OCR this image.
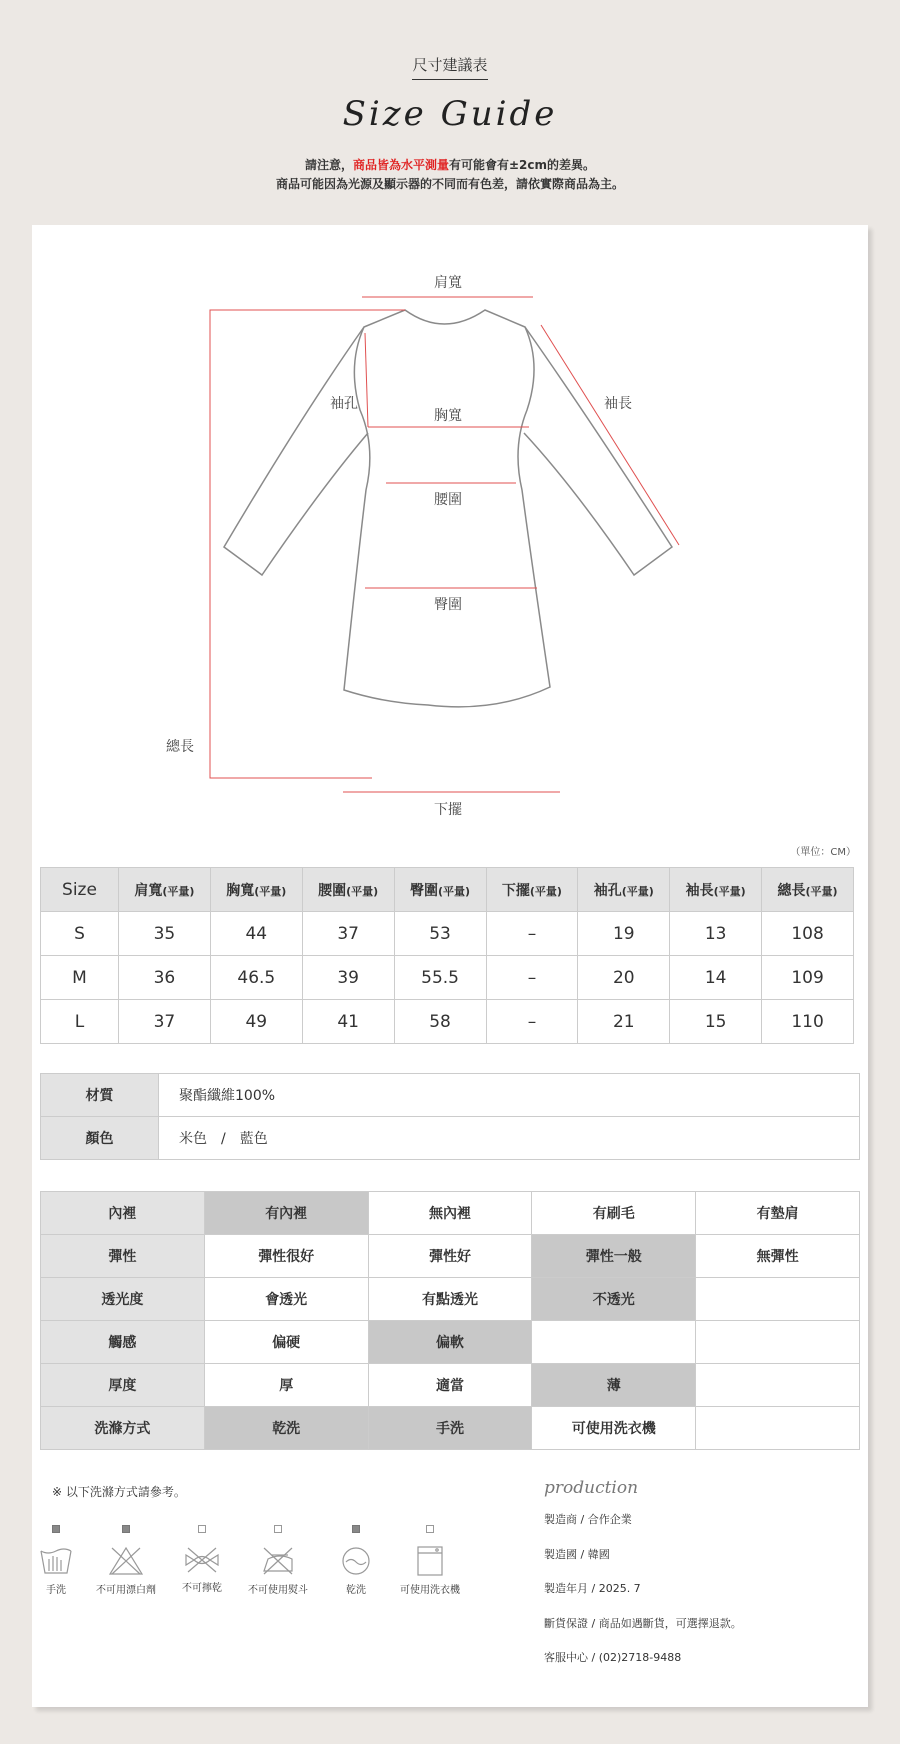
尺寸建議表
Size Guide
請注意，商品皆為水平測量有可能會有±2cm的差異。
商品可能因為光源及顯示器的不同而有色差，請依實際商品為主。
肩寬
袖孔
胸寬
袖長
腰圍
臀圍
總長
下擺
（單位：CM）
Size	肩寬(平量)	胸寬(平量)	腰圍(平量)	臀圍(平量)	下擺(平量)	袖孔(平量)	袖長(平量)	總長(平量)
S	35	44	37	53	–	19	13	108
M	36	46.5	39	55.5	–	20	14	109
L	37	49	41	58	–	21	15	110
材質	聚酯纖維100%
顏色	米色　/　藍色
內裡	有內裡	無內裡	有刷毛	有墊肩
彈性	彈性很好	彈性好	彈性一般	無彈性
透光度	會透光	有點透光	不透光	
觸感	偏硬	偏軟		
厚度	厚	適當	薄	
洗滌方式	乾洗	手洗	可使用洗衣機	
※ 以下洗滌方式請參考。
手洗	不可用漂白劑	不可擰乾	不可使用熨斗	乾洗	可使用洗衣機
production
製造商 / 合作企業
製造國 / 韓國
製造年月 / 2025. 7
斷貨保證 / 商品如遇斷貨，可選擇退款。
客服中心 / (02)2718-9488
